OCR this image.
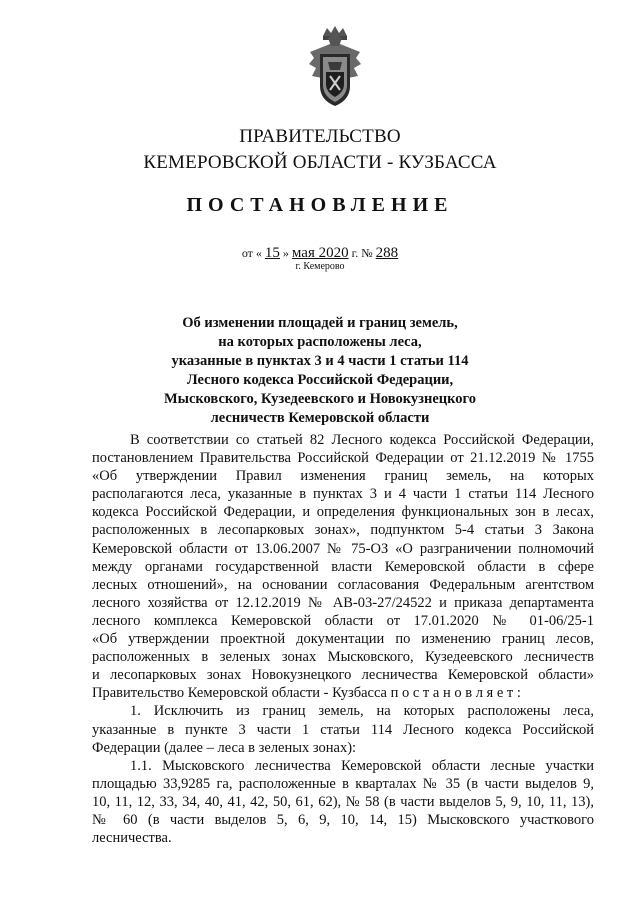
ПРАВИТЕЛЬСТВО
КЕМЕРОВСКОЙ ОБЛАСТИ - КУЗБАССА
ПОСТАНОВЛЕНИЕ
от « 15 » мая 2020 г. № 288
г. Кемерово
Об изменении площадей и границ земель,
на которых расположены леса,
указанные в пунктах 3 и 4 части 1 статьи 114
Лесного кодекса Российской Федерации,
Мысковского, Кузедеевского и Новокузнецкого
лесничеств Кемеровской области
В соответствии со статьей 82 Лесного кодекса Российской Федерации,
постановлением Правительства Российской Федерации от 21.12.2019 № 1755
«Об утверждении Правил изменения границ земель, на которых
располагаются леса, указанные в пунктах 3 и 4 части 1 статьи 114 Лесного
кодекса Российской Федерации, и определения функциональных зон в лесах,
расположенных в лесопарковых зонах», подпунктом 5-4 статьи 3 Закона
Кемеровской области от 13.06.2007 № 75-ОЗ «О разграничении полномочий
между органами государственной власти Кемеровской области в сфере
лесных отношений», на основании согласования Федеральным агентством
лесного хозяйства от 12.12.2019 № АВ-03-27/24522 и приказа департамента
лесного комплекса Кемеровской области от 17.01.2020 № 01-06/25-1
«Об утверждении проектной документации по изменению границ лесов,
расположенных в зеленых зонах Мысковского, Кузедеевского лесничеств
и лесопарковых зонах Новокузнецкого лесничества Кемеровской области»
Правительство Кемеровской области - Кузбасса п о с т а н о в л я е т :
1. Исключить из границ земель, на которых расположены леса,
указанные в пункте 3 части 1 статьи 114 Лесного кодекса Российской
Федерации (далее – леса в зеленых зонах):
1.1. Мысковского лесничества Кемеровской области лесные участки
площадью 33,9285 га, расположенные в кварталах № 35 (в части выделов 9,
10, 11, 12, 33, 34, 40, 41, 42, 50, 61, 62), № 58 (в части выделов 5, 9, 10, 11, 13),
№ 60 (в части выделов 5, 6, 9, 10, 14, 15) Мысковского участкового
лесничества.
